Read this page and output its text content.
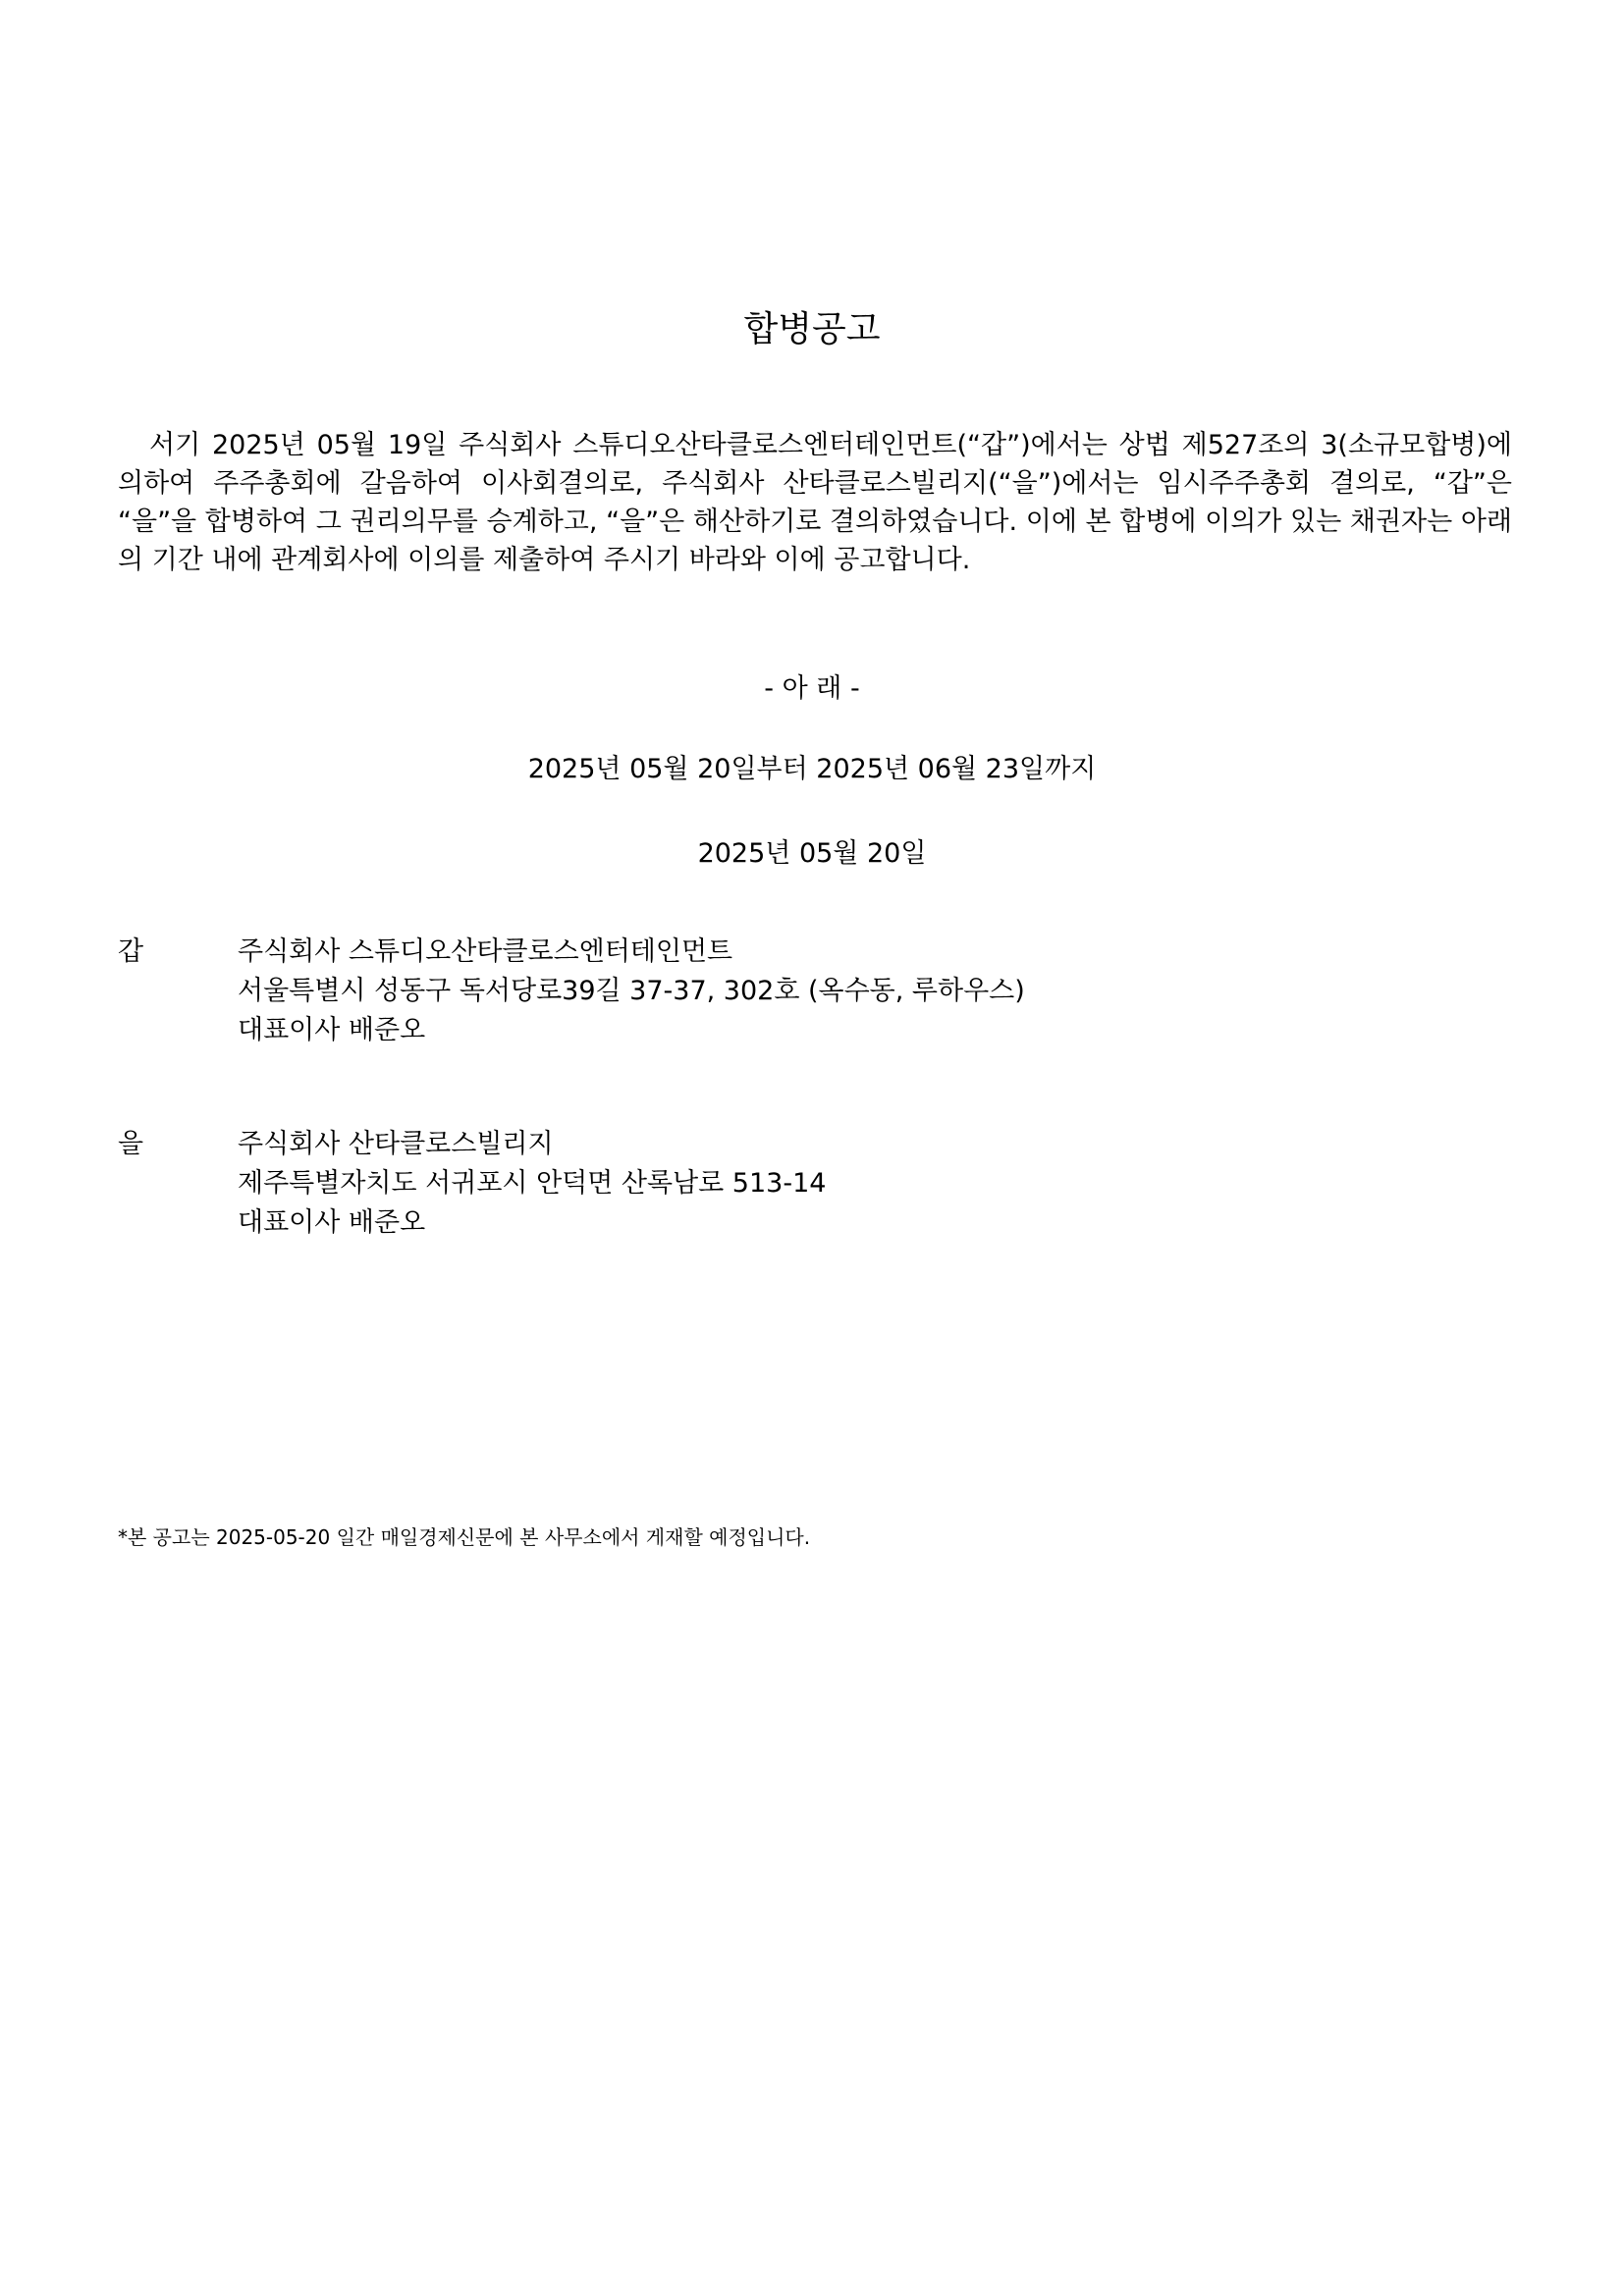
합병공고
서기 2025년 05월 19일 주식회사 스튜디오산타클로스엔터테인먼트(“갑”)에서는 상법 제527조의 3(소규모합병)에 의하여 주주총회에 갈음하여 이사회결의로, 주식회사 산타클로스빌리지(“을”)에서는 임시주주총회 결의로, “갑”은 “을”을 합병하여 그 권리의무를 승계하고, “을”은 해산하기로 결의하였습니다. 이에 본 합병에 이의가 있는 채권자는 아래의 기간 내에 관계회사에 이의를 제출하여 주시기 바라와 이에 공고합니다.
- 아 래 -
2025년 05월 20일부터 2025년 06월 23일까지
2025년 05월 20일
갑	주식회사 스튜디오산타클로스엔터테인먼트
서울특별시 성동구 독서당로39길 37-37, 302호 (옥수동, 루하우스)
대표이사 배준오
을	주식회사 산타클로스빌리지
제주특별자치도 서귀포시 안덕면 산록남로 513-14
대표이사 배준오
*본 공고는 2025-05-20 일간 매일경제신문에 본 사무소에서 게재할 예정입니다.
